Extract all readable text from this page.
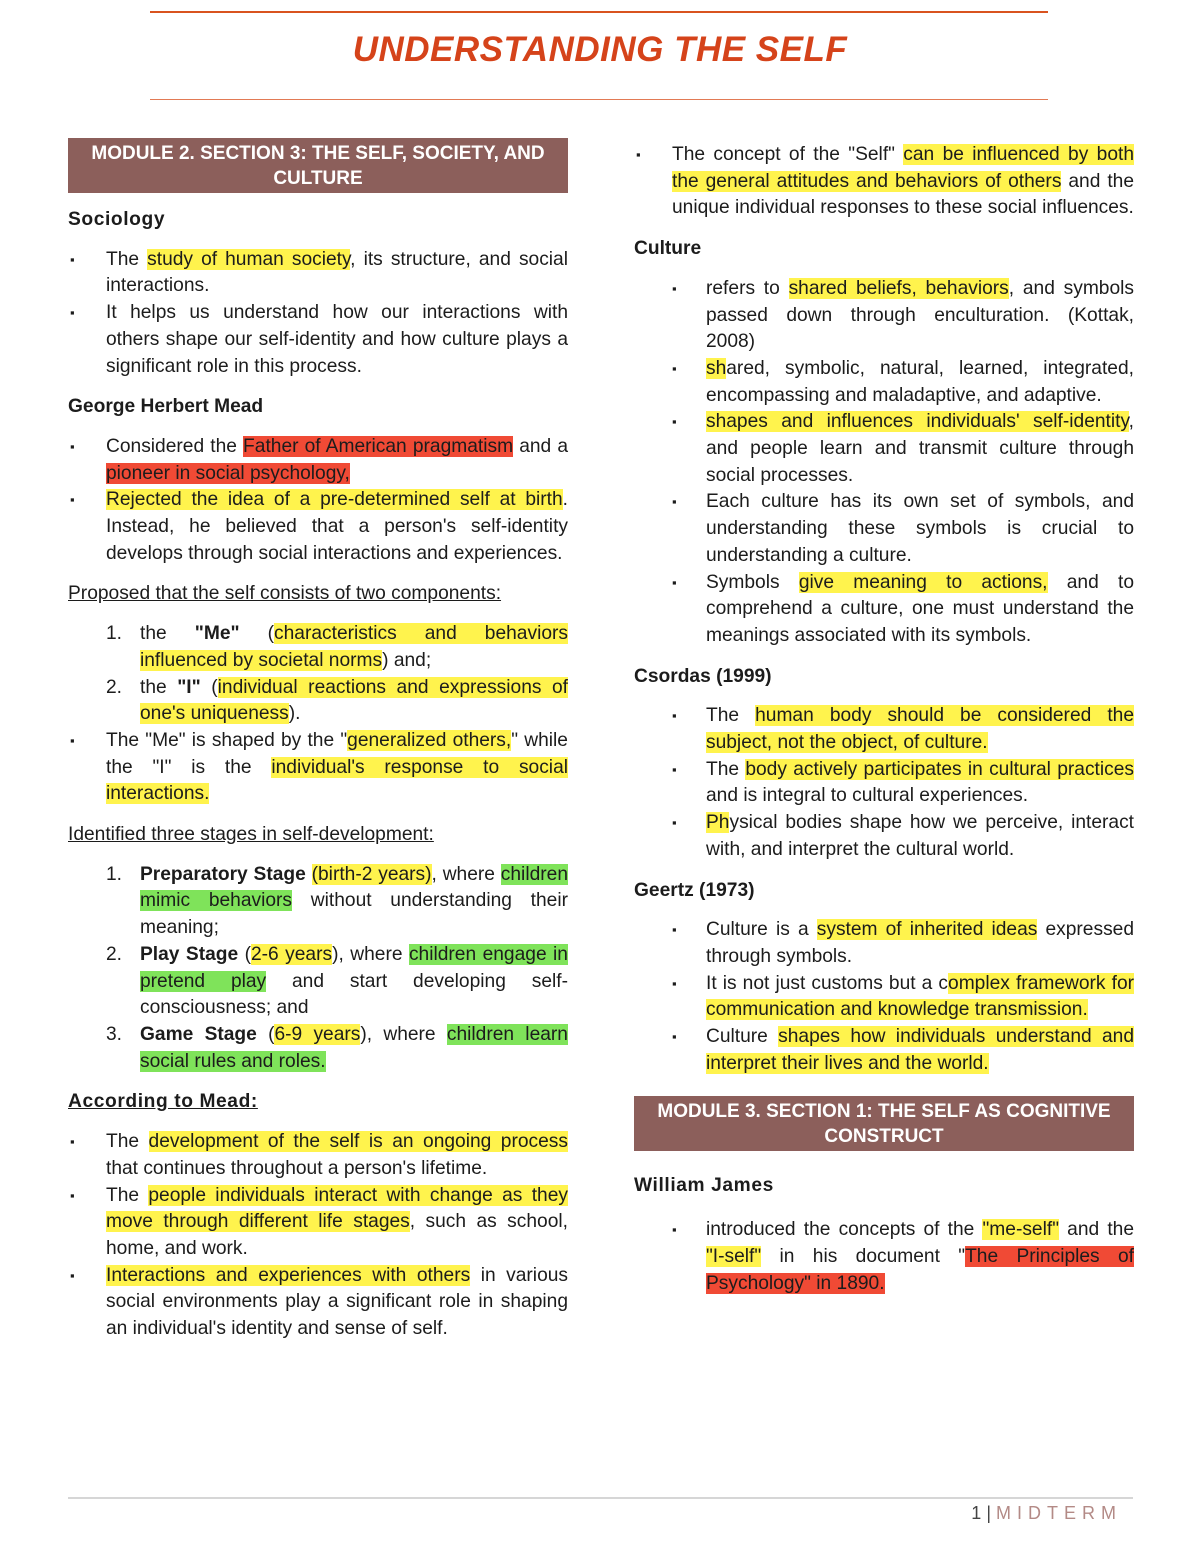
UNDERSTANDING THE SELF
MODULE 2. SECTION 3: THE SELF, SOCIETY, AND CULTURE
Sociology
▪ The study of human society, its structure, and social interactions.
▪ It helps us understand how our interactions with others shape our self-identity and how culture plays a significant role in this process.
George Herbert Mead
▪ Considered the Father of American pragmatism and a pioneer in social psychology,
▪ Rejected the idea of a pre-determined self at birth. Instead, he believed that a person's self-identity develops through social interactions and experiences.
Proposed that the self consists of two components:
1. the "Me" (characteristics and behaviors influenced by societal norms) and;
2. the "I" (individual reactions and expressions of one's uniqueness).
▪ The "Me" is shaped by the "generalized others," while the "I" is the individual's response to social interactions.
Identified three stages in self-development:
1. Preparatory Stage (birth-2 years), where children mimic behaviors without understanding their meaning;
2. Play Stage (2-6 years), where children engage in pretend play and start developing self-consciousness; and
3. Game Stage (6-9 years), where children learn social rules and roles.
According to Mead:
▪ The development of the self is an ongoing process that continues throughout a person's lifetime.
▪ The people individuals interact with change as they move through different life stages, such as school, home, and work.
▪ Interactions and experiences with others in various social environments play a significant role in shaping an individual's identity and sense of self.
▪ The concept of the "Self" can be influenced by both the general attitudes and behaviors of others and the unique individual responses to these social influences.
Culture
▪ refers to shared beliefs, behaviors, and symbols passed down through enculturation. (Kottak, 2008)
▪ shared, symbolic, natural, learned, integrated, encompassing and maladaptive, and adaptive.
▪ shapes and influences individuals' self-identity, and people learn and transmit culture through social processes.
▪ Each culture has its own set of symbols, and understanding these symbols is crucial to understanding a culture.
▪ Symbols give meaning to actions, and to comprehend a culture, one must understand the meanings associated with its symbols.
Csordas (1999)
▪ The human body should be considered the subject, not the object, of culture.
▪ The body actively participates in cultural practices and is integral to cultural experiences.
▪ Physical bodies shape how we perceive, interact with, and interpret the cultural world.
Geertz (1973)
▪ Culture is a system of inherited ideas expressed through symbols.
▪ It is not just customs but a complex framework for communication and knowledge transmission.
▪ Culture shapes how individuals understand and interpret their lives and the world.
MODULE 3. SECTION 1: THE SELF AS COGNITIVE CONSTRUCT
William James
▪ introduced the concepts of the "me-self" and the "I-self" in his document "The Principles of Psychology" in 1890.
1 | MIDTERM
